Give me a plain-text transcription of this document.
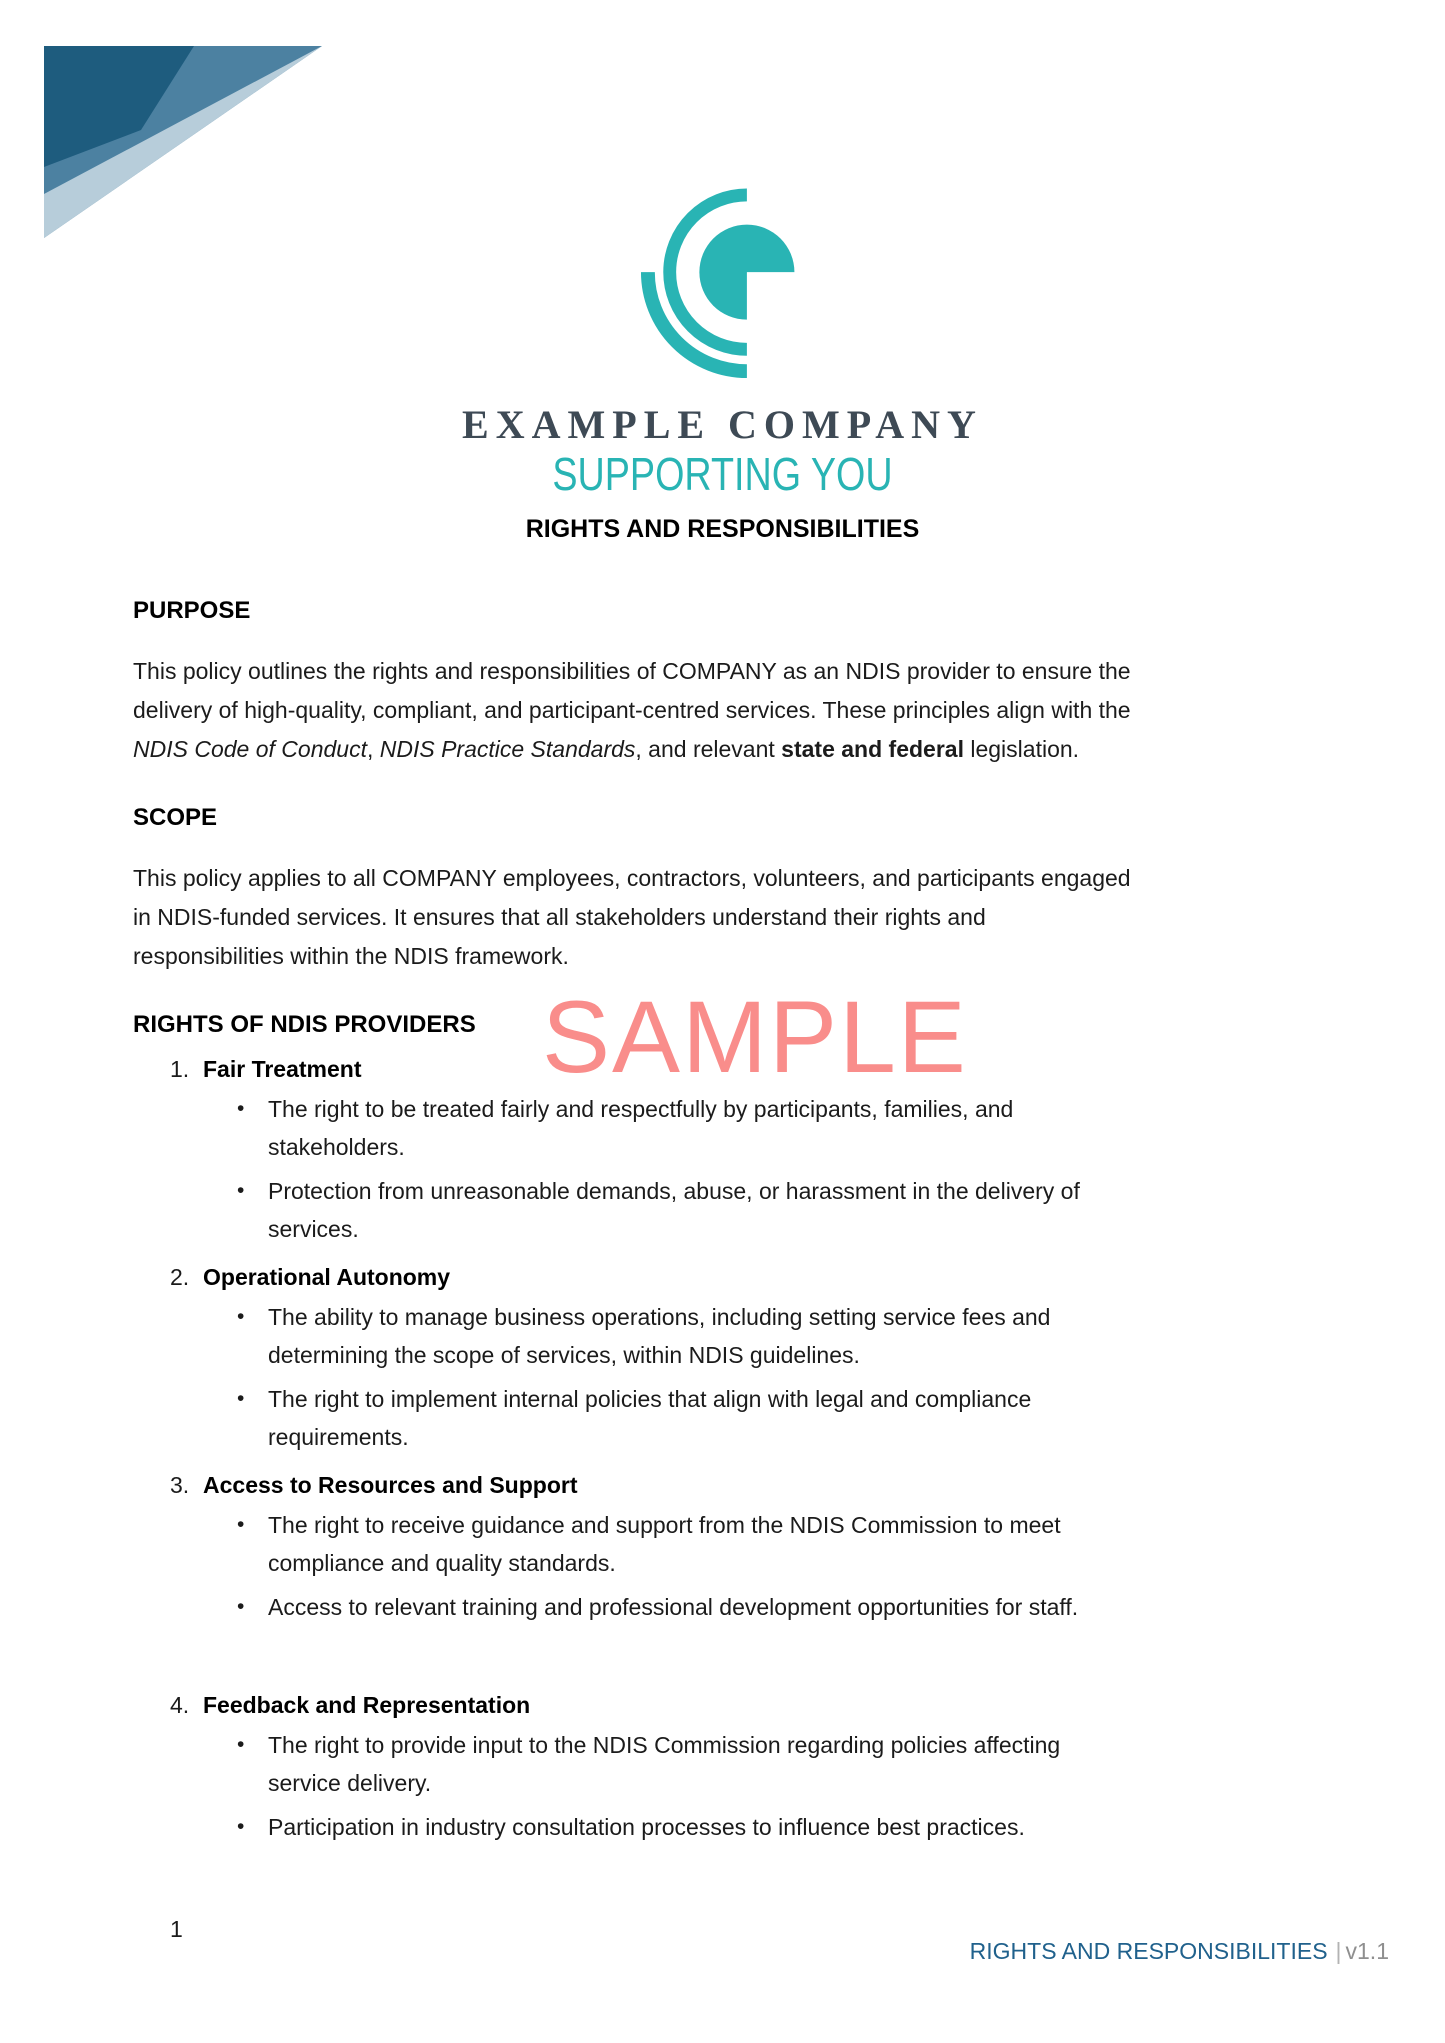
EXAMPLE COMPANY
SUPPORTING YOU
RIGHTS AND RESPONSIBILITIES
SAMPLE
PURPOSE

This policy outlines the rights and responsibilities of COMPANY as an NDIS provider to ensure the delivery of high-quality, compliant, and participant-centred services. These principles align with the NDIS Code of Conduct, NDIS Practice Standards, and relevant state and federal legislation.

SCOPE

This policy applies to all COMPANY employees, contractors, volunteers, and participants engaged in NDIS-funded services. It ensures that all stakeholders understand their rights and responsibilities within the NDIS framework.

RIGHTS OF NDIS PROVIDERS
1. Fair Treatment
•	The right to be treated fairly and respectfully by participants, families, and stakeholders.
•	Protection from unreasonable demands, abuse, or harassment in the delivery of services.
2. Operational Autonomy
•	The ability to manage business operations, including setting service fees and determining the scope of services, within NDIS guidelines.
•	The right to implement internal policies that align with legal and compliance requirements.
3. Access to Resources and Support
•	The right to receive guidance and support from the NDIS Commission to meet compliance and quality standards.
•	Access to relevant training and professional development opportunities for staff.
4. Feedback and Representation
•	The right to provide input to the NDIS Commission regarding policies affecting service delivery.
•	Participation in industry consultation processes to influence best practices.
1
RIGHTS AND RESPONSIBILITIES | v1.1
